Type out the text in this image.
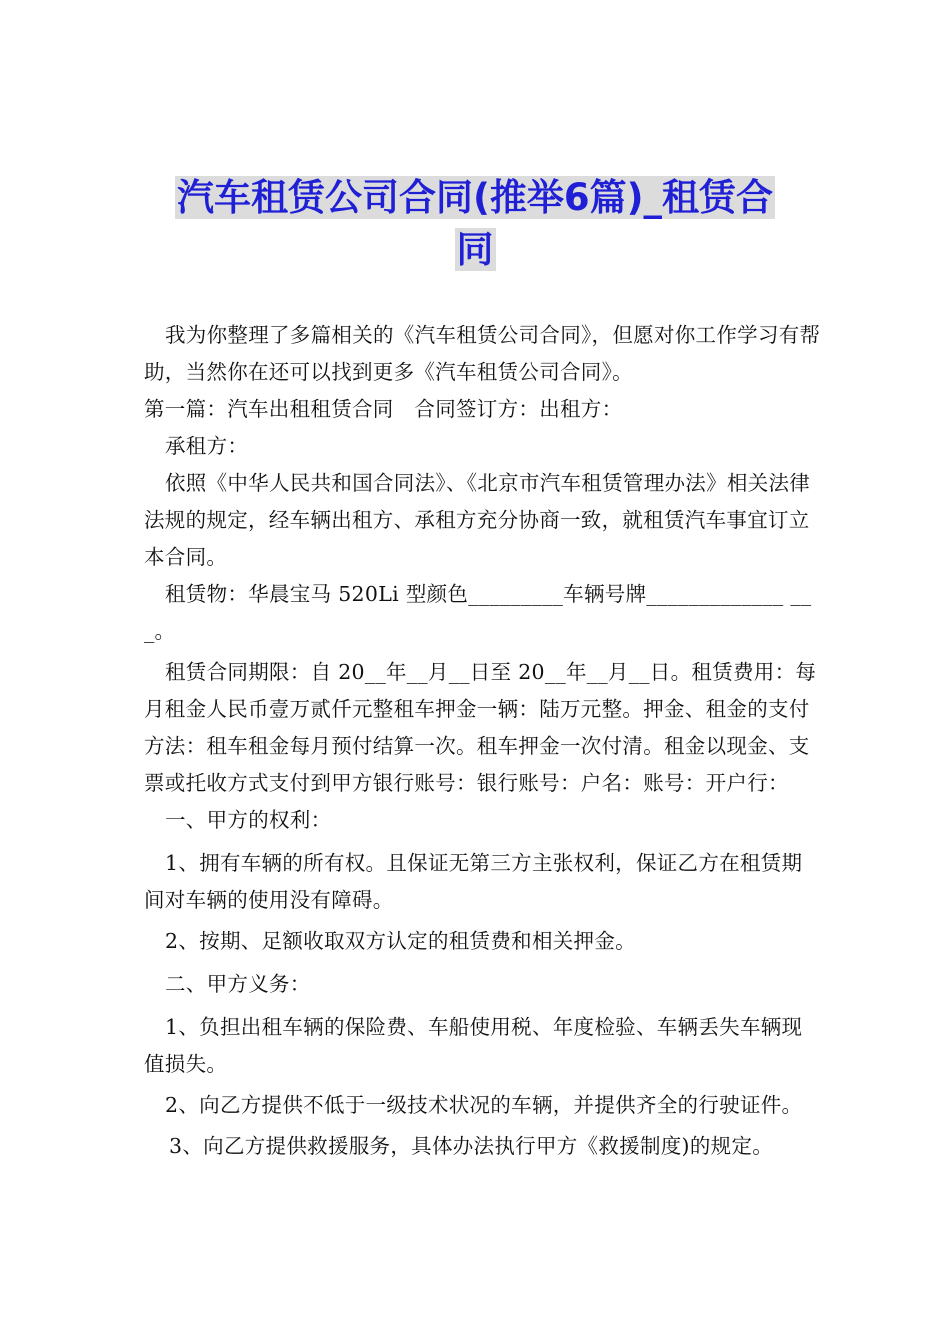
汽车租赁公司合同(推举6篇)_租赁合
同

我为你整理了多篇相关的《汽车租赁公司合同》，但愿对你工作学习有帮助，当然你在还可以找到更多《汽车租赁公司合同》。

第一篇：汽车出租租赁合同　合同签订方：出租方：

承租方：

依照《中华人民共和国合同法》、《北京市汽车租赁管理办法》相关法律法规的规定，经车辆出租方、承租方充分协商一致，就租赁汽车事宜订立本合同。

租赁物：华晨宝马 520Li 型颜色_________车辆号牌_____________ ___。

租赁合同期限：自 20__年__月__日至 20__年__月__日。租赁费用：每月租金人民币壹万贰仟元整租车押金一辆：陆万元整。押金、租金的支付方法：租车租金每月预付结算一次。租车押金一次付清。租金以现金、支票或托收方式支付到甲方银行账号：银行账号：户名：账号：开户行：

一、甲方的权利：

1、拥有车辆的所有权。且保证无第三方主张权利，保证乙方在租赁期间对车辆的使用没有障碍。

2、按期、足额收取双方认定的租赁费和相关押金。

二、甲方义务：

1、负担出租车辆的保险费、车船使用税、年度检验、车辆丢失车辆现值损失。

2、向乙方提供不低于一级技术状况的车辆，并提供齐全的行驶证件。

3、向乙方提供救援服务，具体办法执行甲方《救援制度)的规定。
